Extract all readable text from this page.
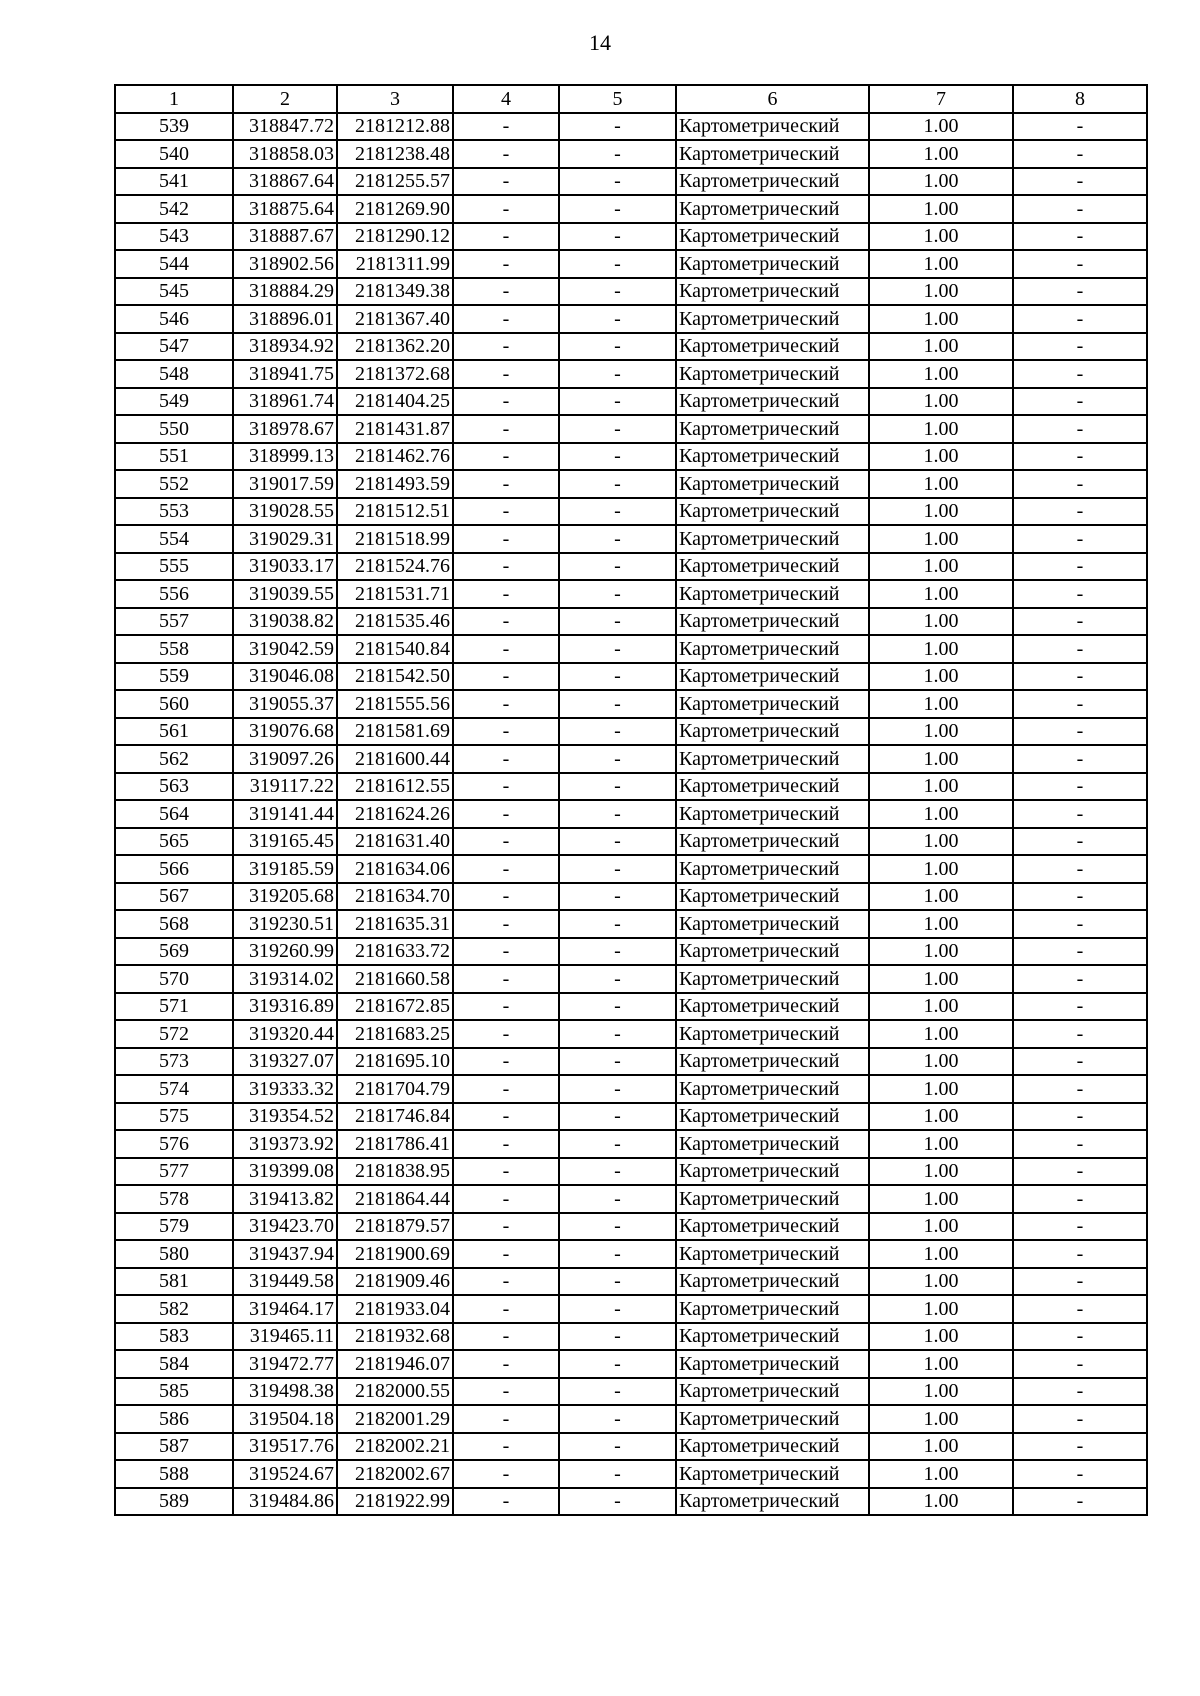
14
1	2	3	4	5	6	7	8
539	318847.72	2181212.88	-	-	Картометрический	1.00	-
540	318858.03	2181238.48	-	-	Картометрический	1.00	-
541	318867.64	2181255.57	-	-	Картометрический	1.00	-
542	318875.64	2181269.90	-	-	Картометрический	1.00	-
543	318887.67	2181290.12	-	-	Картометрический	1.00	-
544	318902.56	2181311.99	-	-	Картометрический	1.00	-
545	318884.29	2181349.38	-	-	Картометрический	1.00	-
546	318896.01	2181367.40	-	-	Картометрический	1.00	-
547	318934.92	2181362.20	-	-	Картометрический	1.00	-
548	318941.75	2181372.68	-	-	Картометрический	1.00	-
549	318961.74	2181404.25	-	-	Картометрический	1.00	-
550	318978.67	2181431.87	-	-	Картометрический	1.00	-
551	318999.13	2181462.76	-	-	Картометрический	1.00	-
552	319017.59	2181493.59	-	-	Картометрический	1.00	-
553	319028.55	2181512.51	-	-	Картометрический	1.00	-
554	319029.31	2181518.99	-	-	Картометрический	1.00	-
555	319033.17	2181524.76	-	-	Картометрический	1.00	-
556	319039.55	2181531.71	-	-	Картометрический	1.00	-
557	319038.82	2181535.46	-	-	Картометрический	1.00	-
558	319042.59	2181540.84	-	-	Картометрический	1.00	-
559	319046.08	2181542.50	-	-	Картометрический	1.00	-
560	319055.37	2181555.56	-	-	Картометрический	1.00	-
561	319076.68	2181581.69	-	-	Картометрический	1.00	-
562	319097.26	2181600.44	-	-	Картометрический	1.00	-
563	319117.22	2181612.55	-	-	Картометрический	1.00	-
564	319141.44	2181624.26	-	-	Картометрический	1.00	-
565	319165.45	2181631.40	-	-	Картометрический	1.00	-
566	319185.59	2181634.06	-	-	Картометрический	1.00	-
567	319205.68	2181634.70	-	-	Картометрический	1.00	-
568	319230.51	2181635.31	-	-	Картометрический	1.00	-
569	319260.99	2181633.72	-	-	Картометрический	1.00	-
570	319314.02	2181660.58	-	-	Картометрический	1.00	-
571	319316.89	2181672.85	-	-	Картометрический	1.00	-
572	319320.44	2181683.25	-	-	Картометрический	1.00	-
573	319327.07	2181695.10	-	-	Картометрический	1.00	-
574	319333.32	2181704.79	-	-	Картометрический	1.00	-
575	319354.52	2181746.84	-	-	Картометрический	1.00	-
576	319373.92	2181786.41	-	-	Картометрический	1.00	-
577	319399.08	2181838.95	-	-	Картометрический	1.00	-
578	319413.82	2181864.44	-	-	Картометрический	1.00	-
579	319423.70	2181879.57	-	-	Картометрический	1.00	-
580	319437.94	2181900.69	-	-	Картометрический	1.00	-
581	319449.58	2181909.46	-	-	Картометрический	1.00	-
582	319464.17	2181933.04	-	-	Картометрический	1.00	-
583	319465.11	2181932.68	-	-	Картометрический	1.00	-
584	319472.77	2181946.07	-	-	Картометрический	1.00	-
585	319498.38	2182000.55	-	-	Картометрический	1.00	-
586	319504.18	2182001.29	-	-	Картометрический	1.00	-
587	319517.76	2182002.21	-	-	Картометрический	1.00	-
588	319524.67	2182002.67	-	-	Картометрический	1.00	-
589	319484.86	2181922.99	-	-	Картометрический	1.00	-
